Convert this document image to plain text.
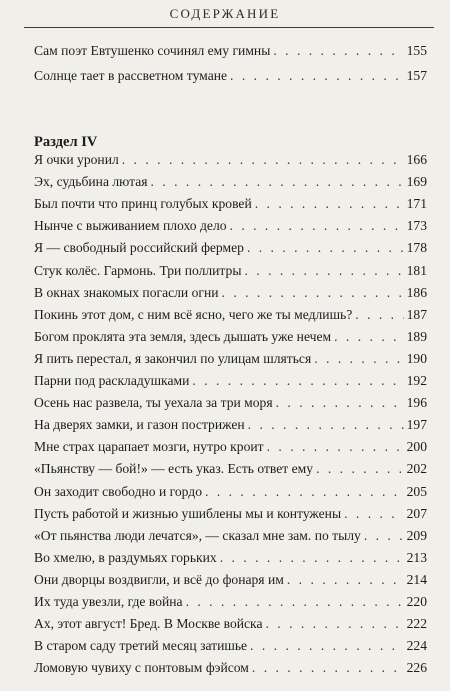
СОДЕРЖАНИЕ
Сам поэт Евтушенко сочинял ему гимны . . .	155
Солнце тает в рассветном тумане . . .	157
Раздел IV
Я очки уронил . . .	166
Эх, судьбина лютая . . .	169
Был почти что принц голубых кровей . . .	171
Нынче с выживанием плохо дело . . .	173
Я — свободный российский фермер . . .	178
Стук колёс. Гармонь. Три поллитры . . .	181
В окнах знакомых погасли огни . . .	186
Покинь этот дом, с ним всё ясно, чего же ты медлишь? . . .	187
Богом проклята эта земля, здесь дышать уже нечем . . .	189
Я пить перестал, я закончил по улицам шляться . . .	190
Парни под раскладушками . . .	192
Осень нас развела, ты уехала за три моря . . .	196
На дверях замки, и газон пострижен . . .	197
Мне страх царапает мозги, нутро кроит . . .	200
«Пьянству — бой!» — есть указ. Есть ответ ему . . .	202
Он заходит свободно и гордо . . .	205
Пусть работой и жизнью ушиблены мы и контужены . . .	207
«От пьянства люди лечатся», — сказал мне зам. по тылу . . .	209
Во хмелю, в раздумьях горьких . . .	213
Они дворцы воздвигли, и всё до фонаря им . . .	214
Их туда увезли, где война . . .	220
Ах, этот август! Бред. В Москве войска . . .	222
В старом саду третий месяц затишье . . .	224
Ломовую чувиху с понтовым фэйсом . . .	226
